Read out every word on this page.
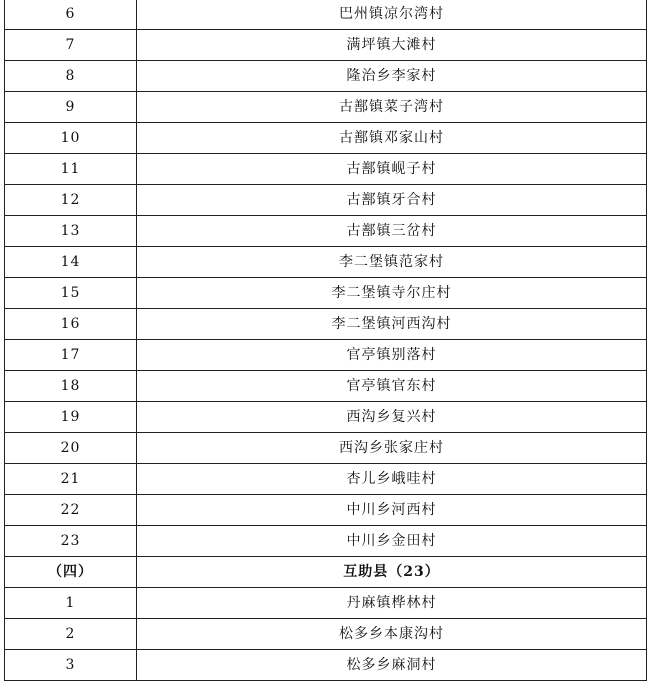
6	巴州镇凉尔湾村
7	满坪镇大滩村
8	隆治乡李家村
9	古鄯镇菜子湾村
10	古鄯镇邓家山村
11	古鄯镇岘子村
12	古鄯镇牙合村
13	古鄯镇三岔村
14	李二堡镇范家村
15	李二堡镇寺尔庄村
16	李二堡镇河西沟村
17	官亭镇别落村
18	官亭镇官东村
19	西沟乡复兴村
20	西沟乡张家庄村
21	杏儿乡峨哇村
22	中川乡河西村
23	中川乡金田村
（四）	互助县（23）
1	丹麻镇桦林村
2	松多乡本康沟村
3	松多乡麻洞村
